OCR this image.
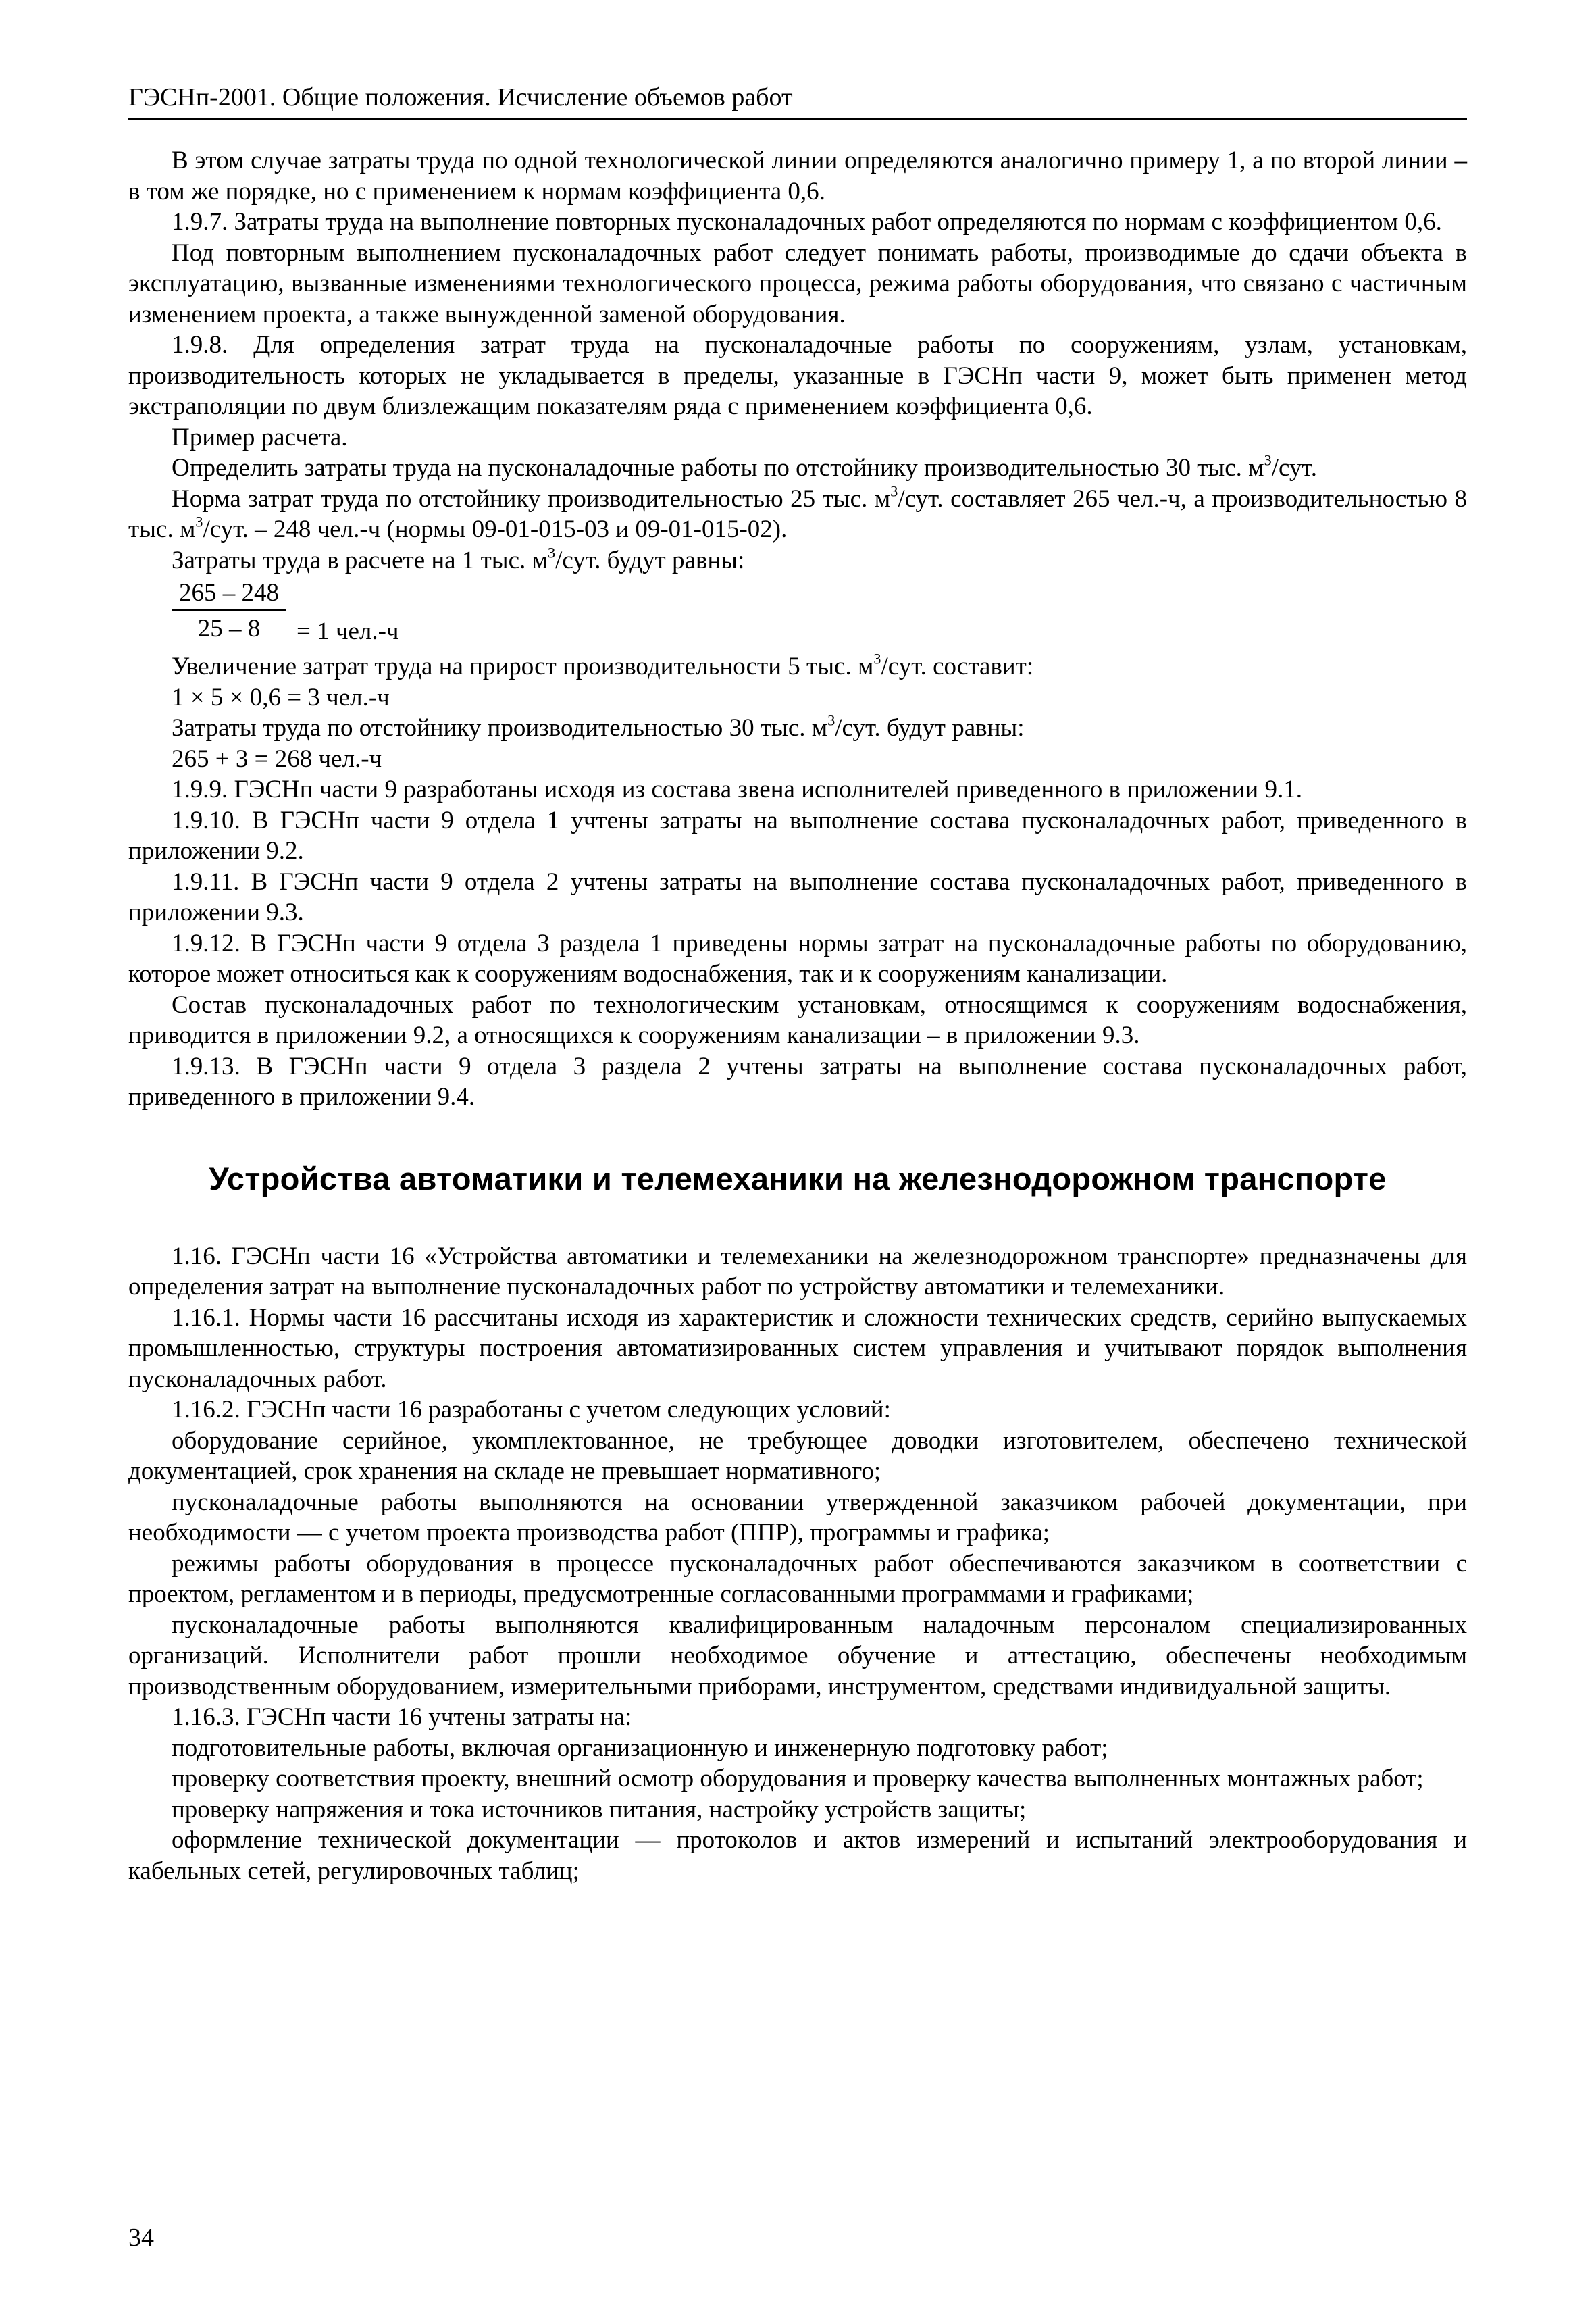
ГЭСНп-2001. Общие положения. Исчисление объемов работ

В этом случае затраты труда по одной технологической линии определяются аналогично примеру 1, а по второй линии – в том же порядке, но с применением к нормам коэффициента 0,6.

1.9.7. Затраты труда на выполнение повторных пусконаладочных работ определяются по нормам с коэффициентом 0,6.

Под повторным выполнением пусконаладочных работ следует понимать работы, производимые до сдачи объекта в эксплуатацию, вызванные изменениями технологического процесса, режима работы оборудования, что связано с частичным изменением проекта, а также вынужденной заменой оборудования.

1.9.8. Для определения затрат труда на пусконаладочные работы по сооружениям, узлам, установкам, производительность которых не укладывается в пределы, указанные в ГЭСНп части 9, может быть применен метод экстраполяции по двум близлежащим показателям ряда с применением коэффициента 0,6.

Пример расчета.

Определить затраты труда на пусконаладочные работы по отстойнику производительностью 30 тыс. $м^3$/сут.

Норма затрат труда по отстойнику производительностью 25 тыс. $м^3$/сут. составляет 265 чел.-ч, а производительностью 8 тыс. $м^3$/сут. – 248 чел.-ч (нормы 09-01-015-03 и 09-01-015-02).

Затраты труда в расчете на 1 тыс. $м^3$/сут. будут равны:

265 – 248
25 – 8	= 1 чел.-ч

Увеличение затрат труда на прирост производительности 5 тыс. $м^3$/сут. составит:

1 × 5 × 0,6 = 3 чел.-ч

Затраты труда по отстойнику производительностью 30 тыс. $м^3$/сут. будут равны:

265 + 3 = 268 чел.-ч

1.9.9. ГЭСНп части 9 разработаны исходя из состава звена исполнителей приведенного в приложении 9.1.

1.9.10. В ГЭСНп части 9 отдела 1 учтены затраты на выполнение состава пусконаладочных работ, приведенного в приложении 9.2.

1.9.11. В ГЭСНп части 9 отдела 2 учтены затраты на выполнение состава пусконаладочных работ, приведенного в приложении 9.3.

1.9.12. В ГЭСНп части 9 отдела 3 раздела 1 приведены нормы затрат на пусконаладочные работы по оборудованию, которое может относиться как к сооружениям водоснабжения, так и к сооружениям канализации.

Состав пусконаладочных работ по технологическим установкам, относящимся к сооружениям водоснабжения, приводится в приложении 9.2, а относящихся к сооружениям канализации – в приложении 9.3.

1.9.13. В ГЭСНп части 9 отдела 3 раздела 2 учтены затраты на выполнение состава пусконаладочных работ, приведенного в приложении 9.4.

Устройства автоматики и телемеханики на железнодорожном транспорте

1.16. ГЭСНп части 16 «Устройства автоматики и телемеханики на железнодорожном транспорте» предназначены для определения затрат на выполнение пусконаладочных работ по устройству автоматики и телемеханики.

1.16.1. Нормы части 16 рассчитаны исходя из характеристик и сложности технических средств, серийно выпускаемых промышленностью, структуры построения автоматизированных систем управления и учитывают порядок выполнения пусконаладочных работ.

1.16.2. ГЭСНп части 16 разработаны с учетом следующих условий:

оборудование серийное, укомплектованное, не требующее доводки изготовителем, обеспечено технической документацией, срок хранения на складе не превышает нормативного;

пусконаладочные работы выполняются на основании утвержденной заказчиком рабочей документации, при необходимости — с учетом проекта производства работ (ППР), программы и графика;

режимы работы оборудования в процессе пусконаладочных работ обеспечиваются заказчиком в соответствии с проектом, регламентом и в периоды, предусмотренные согласованными программами и графиками;

пусконаладочные работы выполняются квалифицированным наладочным персоналом специализированных организаций. Исполнители работ прошли необходимое обучение и аттестацию, обеспечены необходимым производственным оборудованием, измерительными приборами, инструментом, средствами индивидуальной защиты.

1.16.3. ГЭСНп части 16 учтены затраты на:

подготовительные работы, включая организационную и инженерную подготовку работ;

проверку соответствия проекту, внешний осмотр оборудования и проверку качества выполненных монтажных работ;

проверку напряжения и тока источников питания, настройку устройств защиты;

оформление технической документации — протоколов и актов измерений и испытаний электрооборудования и кабельных сетей, регулировочных таблиц;

34
